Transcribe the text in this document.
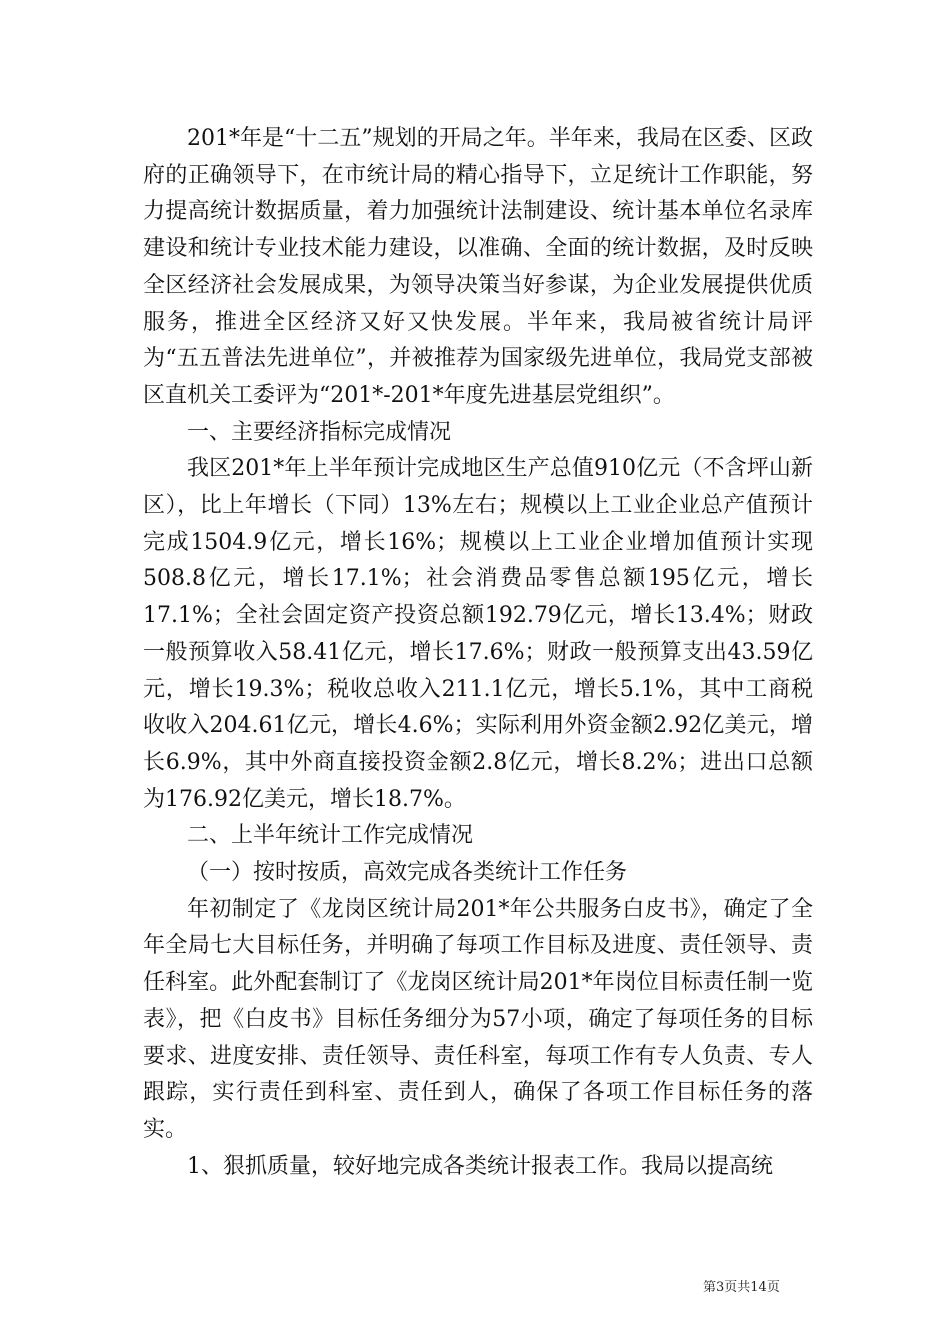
201*年是“十二五”规划的开局之年。半年来，我局在区委、区政府的正确领导下，在市统计局的精心指导下，立足统计工作职能，努力提高统计数据质量，着力加强统计法制建设、统计基本单位名录库建设和统计专业技术能力建设，以准确、全面的统计数据，及时反映全区经济社会发展成果，为领导决策当好参谋，为企业发展提供优质服务，推进全区经济又好又快发展。半年来，我局被省统计局评为“五五普法先进单位”，并被推荐为国家级先进单位，我局党支部被区直机关工委评为“201*-201*年度先进基层党组织”。

一、主要经济指标完成情况

我区201*年上半年预计完成地区生产总值910亿元（不含坪山新区），比上年增长（下同）13%左右；规模以上工业企业总产值预计完成1504.9亿元，增长16%；规模以上工业企业增加值预计实现508.8亿元，增长17.1%；社会消费品零售总额195亿元，增长17.1%；全社会固定资产投资总额192.79亿元，增长13.4%；财政一般预算收入58.41亿元，增长17.6%；财政一般预算支出43.59亿元，增长19.3%；税收总收入211.1亿元，增长5.1%，其中工商税收收入204.61亿元，增长4.6%；实际利用外资金额2.92亿美元，增长6.9%，其中外商直接投资金额2.8亿元，增长8.2%；进出口总额为176.92亿美元，增长18.7%。

二、上半年统计工作完成情况

（一）按时按质，高效完成各类统计工作任务

年初制定了《龙岗区统计局201*年公共服务白皮书》，确定了全年全局七大目标任务，并明确了每项工作目标及进度、责任领导、责任科室。此外配套制订了《龙岗区统计局201*年岗位目标责任制一览表》，把《白皮书》目标任务细分为57小项，确定了每项任务的目标要求、进度安排、责任领导、责任科室，每项工作有专人负责、专人跟踪，实行责任到科室、责任到人，确保了各项工作目标任务的落实。

1、狠抓质量，较好地完成各类统计报表工作。我局以提高统

第3页共14页
